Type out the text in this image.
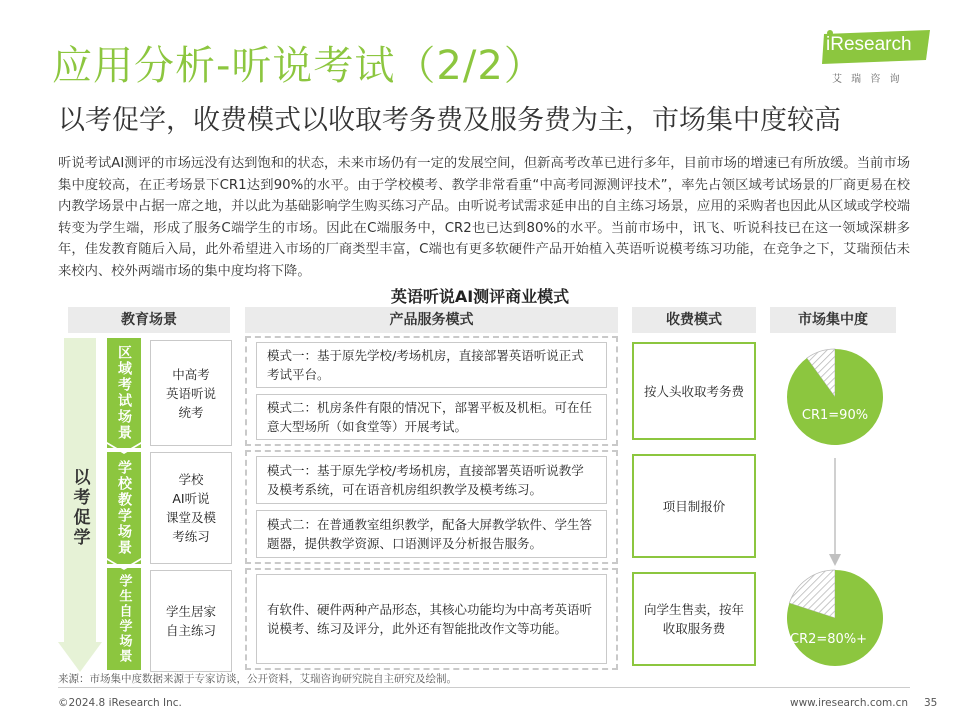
应用分析-听说考试（2/2）
以考促学，收费模式以收取考务费及服务费为主，市场集中度较高
iResearch
艾 瑞 咨 询
听说考试AI测评的市场远没有达到饱和的状态，未来市场仍有一定的发展空间，但新高考改革已进行多年，目前市场的增速已有所放缓。当前市场集中度较高，在正考场景下CR1达到90%的水平。由于学校模考、教学非常看重“中高考同源测评技术”，率先占领区域考试场景的厂商更易在校内教学场景中占据一席之地，并以此为基础影响学生购买练习产品。由听说考试需求延申出的自主练习场景，应用的采购者也因此从区域或学校端转变为学生端，形成了服务C端学生的市场。因此在C端服务中，CR2也已达到80%的水平。当前市场中，讯飞、听说科技已在这一领域深耕多年，佳发教育随后入局，此外希望进入市场的厂商类型丰富，C端也有更多软硬件产品开始植入英语听说模考练习功能，在竞争之下，艾瑞预估未来校内、校外两端市场的集中度均将下降。
英语听说AI测评商业模式
教育场景	产品服务模式	收费模式	市场集中度
以考促学
区域考试场景
学校教学场景
学生自学场景
中高考
英语听说
统考
学校
AI听说
课堂及模
考练习
学生居家
自主练习
模式一：基于原先学校/考场机房，直接部署英语听说正式考试平台。
模式二：机房条件有限的情况下，部署平板及机柜。可在任意大型场所（如食堂等）开展考试。
模式一：基于原先学校/考场机房，直接部署英语听说教学及模考系统，可在语音机房组织教学及模考练习。
模式二：在普通教室组织教学，配备大屏教学软件、学生答题器，提供教学资源、口语测评及分析报告服务。
有软件、硬件两种产品形态，其核心功能均为中高考英语听说模考、练习及评分，此外还有智能批改作文等功能。
按人头收取考务费
项目制报价
向学生售卖，按年收取服务费
CR1=90%
CR2=80%+
来源：市场集中度数据来源于专家访谈，公开资料，艾瑞咨询研究院自主研究及绘制。
©2024.8 iResearch Inc.	www.iresearch.com.cn 35
